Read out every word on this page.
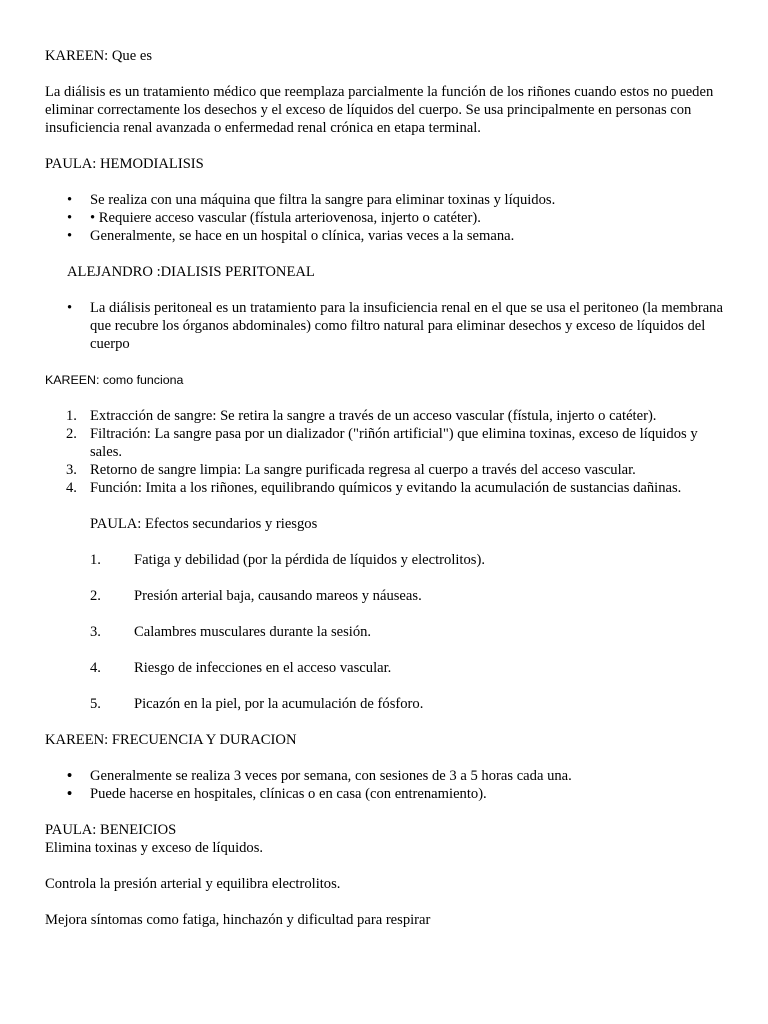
KAREEN: Que es

La diálisis es un tratamiento médico que reemplaza parcialmente la función de los riñones cuando estos no pueden eliminar correctamente los desechos y el exceso de líquidos del cuerpo. Se usa principalmente en personas con insuficiencia renal avanzada o enfermedad renal crónica en etapa terminal.

PAULA: HEMODIALISIS

• Se realiza con una máquina que filtra la sangre para eliminar toxinas y líquidos.
• • Requiere acceso vascular (fístula arteriovenosa, injerto o catéter).
• Generalmente, se hace en un hospital o clínica, varias veces a la semana.

ALEJANDRO :DIALISIS PERITONEAL

• La diálisis peritoneal es un tratamiento para la insuficiencia renal en el que se usa el peritoneo (la membrana que recubre los órganos abdominales) como filtro natural para eliminar desechos y exceso de líquidos del cuerpo

KAREEN: como funciona

1. Extracción de sangre: Se retira la sangre a través de un acceso vascular (fístula, injerto o catéter).
2. Filtración: La sangre pasa por un dializador ("riñón artificial") que elimina toxinas, exceso de líquidos y sales.
3. Retorno de sangre limpia: La sangre purificada regresa al cuerpo a través del acceso vascular.
4. Función: Imita a los riñones, equilibrando químicos y evitando la acumulación de sustancias dañinas.

PAULA: Efectos secundarios y riesgos

1. Fatiga y debilidad (por la pérdida de líquidos y electrolitos).
2. Presión arterial baja, causando mareos y náuseas.
3. Calambres musculares durante la sesión.
4. Riesgo de infecciones en el acceso vascular.
5. Picazón en la piel, por la acumulación de fósforo.

KAREEN: FRECUENCIA Y DURACION

• Generalmente se realiza 3 veces por semana, con sesiones de 3 a 5 horas cada una.
• Puede hacerse en hospitales, clínicas o en casa (con entrenamiento).

PAULA: BENEICIOS

Elimina toxinas y exceso de líquidos.

Controla la presión arterial y equilibra electrolitos.

Mejora síntomas como fatiga, hinchazón y dificultad para respirar
